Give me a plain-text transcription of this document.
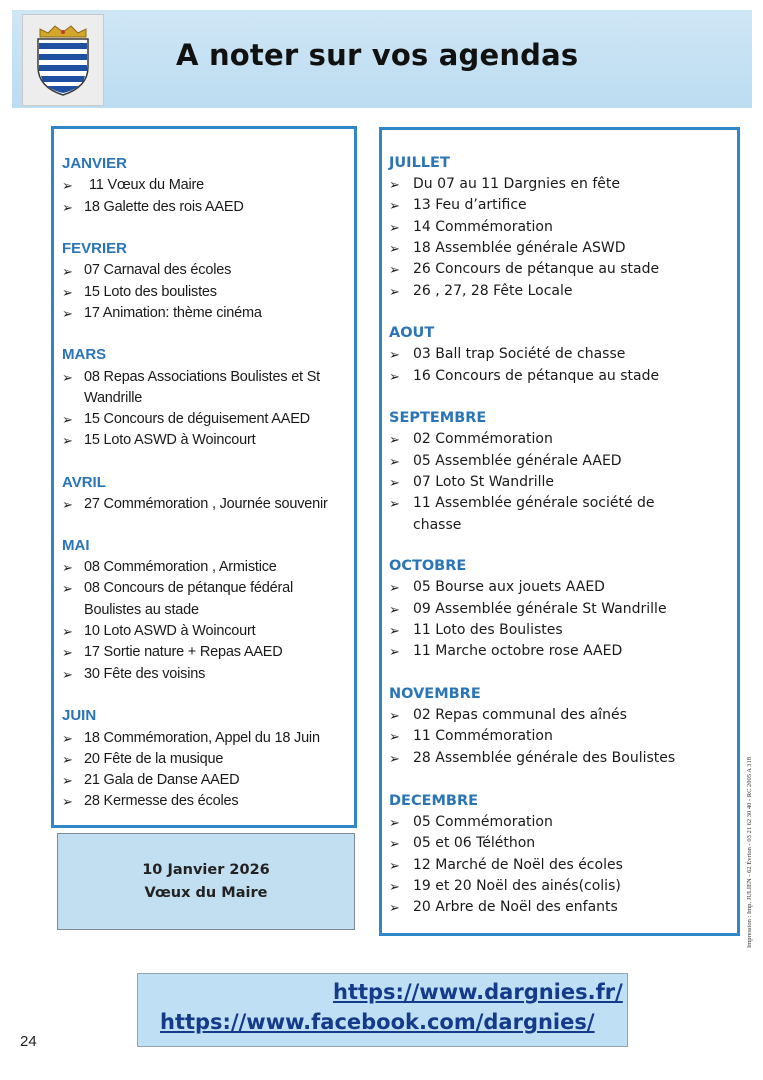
A noter sur vos agendas
JANVIER
➢ 11 Vœux du Maire
➢ 18 Galette des rois AAED
FEVRIER
➢ 07 Carnaval des écoles
➢ 15 Loto des boulistes
➢ 17 Animation: thème cinéma
MARS
➢ 08 Repas Associations Boulistes et St
Wandrille
➢ 15 Concours de déguisement AAED
➢ 15 Loto ASWD à Woincourt
AVRIL
➢ 27 Commémoration , Journée souvenir
MAI
➢ 08 Commémoration , Armistice
➢ 08 Concours de pétanque fédéral
Boulistes au stade
➢ 10 Loto ASWD à Woincourt
➢ 17 Sortie nature + Repas AAED
➢ 30 Fête des voisins
JUIN
➢ 18 Commémoration, Appel du 18 Juin
➢ 20 Fête de la musique
➢ 21 Gala de Danse AAED
➢ 28 Kermesse des écoles
JUILLET
➢ Du 07 au 11 Dargnies en fête
➢ 13 Feu d’artifice
➢ 14 Commémoration
➢ 18 Assemblée générale ASWD
➢ 26 Concours de pétanque au stade
➢ 26 , 27, 28 Fête Locale
AOUT
➢ 03 Ball trap Société de chasse
➢ 16 Concours de pétanque au stade
SEPTEMBRE
➢ 02 Commémoration
➢ 05 Assemblée générale AAED
➢ 07 Loto St Wandrille
➢ 11 Assemblée générale société de
chasse
OCTOBRE
➢ 05 Bourse aux jouets AAED
➢ 09 Assemblée générale St Wandrille
➢ 11 Loto des Boulistes
➢ 11 Marche octobre rose AAED
NOVEMBRE
➢ 02 Repas communal des aînés
➢ 11 Commémoration
➢ 28 Assemblée générale des Boulistes
DECEMBRE
➢ 05 Commémoration
➢ 05 et 06 Téléthon
➢ 12 Marché de Noël des écoles
➢ 19 et 20 Noël des ainés(colis)
➢ 20 Arbre de Noël des enfants
10 Janvier 2026
Vœux du Maire
https://www.dargnies.fr/
https://www.facebook.com/dargnies/
24
Impression : Imp. JULIEN - 62 Évrion - 03 21 62 30 40 - RC 2005 A 318
